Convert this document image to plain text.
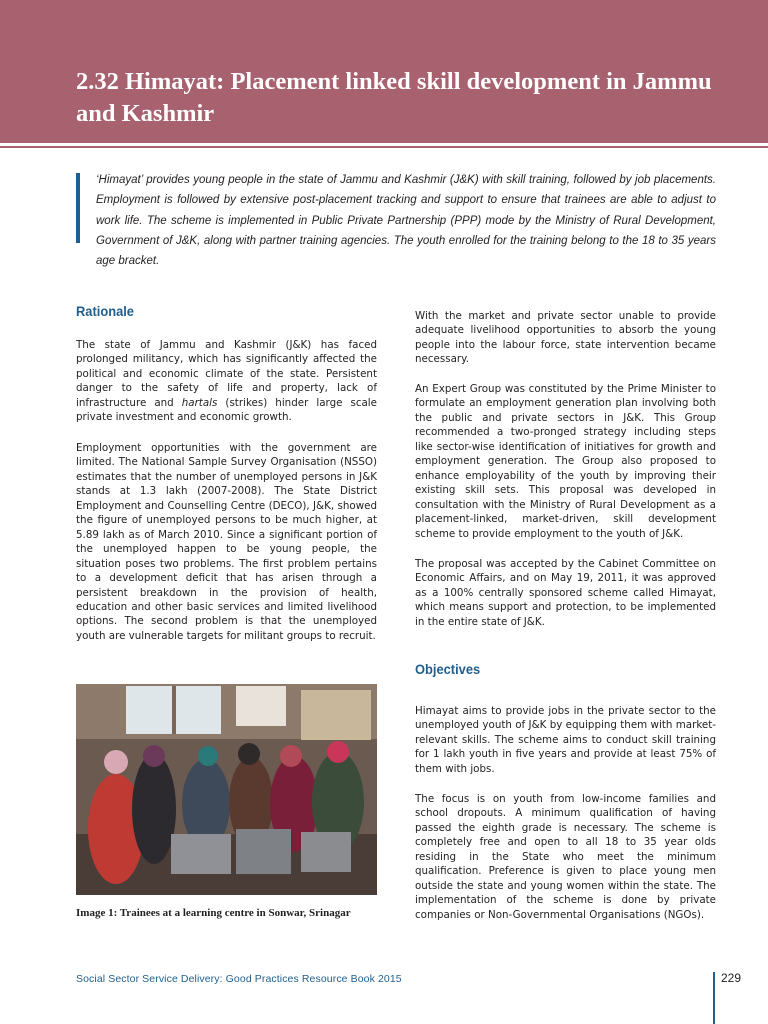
2.32 Himayat: Placement linked skill development in Jammu and Kashmir

‘Himayat’ provides young people in the state of Jammu and Kashmir (J&K) with skill training, followed by job placements. Employment is followed by extensive post-placement tracking and support to ensure that trainees are able to adjust to work life. The scheme is implemented in Public Private Partnership (PPP) mode by the Ministry of Rural Development, Government of J&K, along with partner training agencies. The youth enrolled for the training belong to the 18 to 35 years age bracket.

Rationale

The state of Jammu and Kashmir (J&K) has faced prolonged militancy, which has significantly affected the political and economic climate of the state. Persistent danger to the safety of life and property, lack of infrastructure and hartals (strikes) hinder large scale private investment and economic growth.

Employment opportunities with the government are limited. The National Sample Survey Organisation (NSSO) estimates that the number of unemployed persons in J&K stands at 1.3 lakh (2007-2008). The State District Employment and Counselling Centre (DECO), J&K, showed the figure of unemployed persons to be much higher, at 5.89 lakh as of March 2010. Since a significant portion of the unemployed happen to be young people, the situation poses two problems. The first problem pertains to a development deficit that has arisen through a persistent breakdown in the provision of health, education and other basic services and limited livelihood options. The second problem is that the unemployed youth are vulnerable targets for militant groups to recruit.

Image 1: Trainees at a learning centre in Sonwar, Srinagar

With the market and private sector unable to provide adequate livelihood opportunities to absorb the young people into the labour force, state intervention became necessary.

An Expert Group was constituted by the Prime Minister to formulate an employment generation plan involving both the public and private sectors in J&K. This Group recommended a two-pronged strategy including steps like sector-wise identification of initiatives for growth and employment generation. The Group also proposed to enhance employability of the youth by improving their existing skill sets. This proposal was developed in consultation with the Ministry of Rural Development as a placement-linked, market-driven, skill development scheme to provide employment to the youth of J&K.

The proposal was accepted by the Cabinet Committee on Economic Affairs, and on May 19, 2011, it was approved as a 100% centrally sponsored scheme called Himayat, which means support and protection, to be implemented in the entire state of J&K.

Objectives

Himayat aims to provide jobs in the private sector to the unemployed youth of J&K by equipping them with market-relevant skills. The scheme aims to conduct skill training for 1 lakh youth in five years and provide at least 75% of them with jobs.

The focus is on youth from low-income families and school dropouts. A minimum qualification of having passed the eighth grade is necessary. The scheme is completely free and open to all 18 to 35 year olds residing in the State who meet the minimum qualification. Preference is given to place young men outside the state and young women within the state. The implementation of the scheme is done by private companies or Non-Governmental Organisations (NGOs).

Social Sector Service Delivery: Good Practices Resource Book 2015	229
